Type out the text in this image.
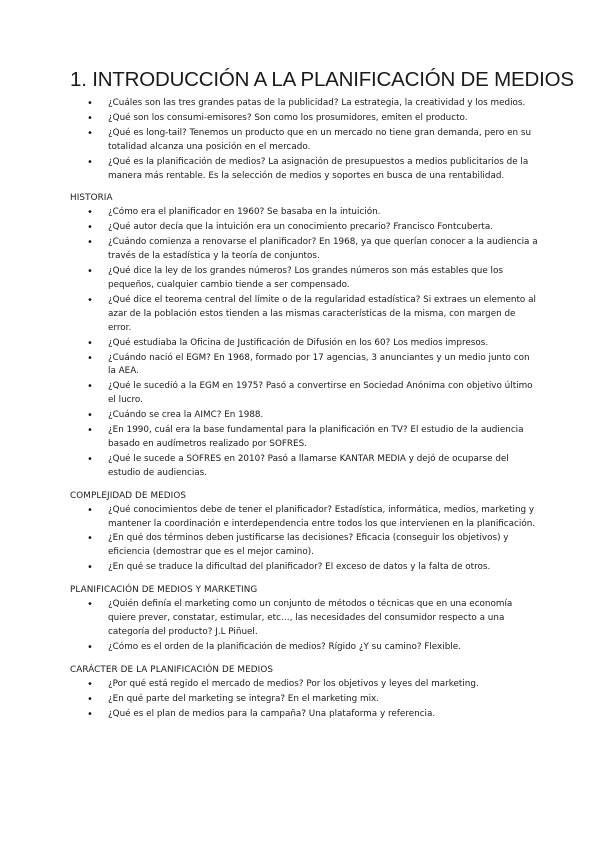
1. INTRODUCCIÓN A LA PLANIFICACIÓN DE MEDIOS
• ¿Cuáles son las tres grandes patas de la publicidad? La estrategia, la creatividad y los medios.
• ¿Qué son los consumi-emisores? Son como los prosumidores, emiten el producto.
• ¿Qué es long-tail? Tenemos un producto que en un mercado no tiene gran demanda, pero en su totalidad alcanza una posición en el mercado.
• ¿Qué es la planificación de medios? La asignación de presupuestos a medios publicitarios de la manera más rentable. Es la selección de medios y soportes en busca de una rentabilidad.
HISTORIA
• ¿Cómo era el planificador en 1960? Se basaba en la intuición.
• ¿Qué autor decía que la intuición era un conocimiento precario? Francisco Fontcuberta.
• ¿Cuándo comienza a renovarse el planificador? En 1968, ya que querían conocer a la audiencia a través de la estadística y la teoría de conjuntos.
• ¿Qué dice la ley de los grandes números? Los grandes números son más estables que los pequeños, cualquier cambio tiende a ser compensado.
• ¿Qué dice el teorema central del límite o de la regularidad estadística? Si extraes un elemento al azar de la población estos tienden a las mismas características de la misma, con margen de error.
• ¿Qué estudiaba la Oficina de Justificación de Difusión en los 60? Los medios impresos.
• ¿Cuándo nació el EGM? En 1968, formado por 17 agencias, 3 anunciantes y un medio junto con la AEA.
• ¿Qué le sucedió a la EGM en 1975? Pasó a convertirse en Sociedad Anónima con objetivo último el lucro.
• ¿Cuándo se crea la AIMC? En 1988.
• ¿En 1990, cuál era la base fundamental para la planificación en TV? El estudio de la audiencia basado en audímetros realizado por SOFRES.
• ¿Qué le sucede a SOFRES en 2010? Pasó a llamarse KANTAR MEDIA y dejó de ocuparse del estudio de audiencias.
COMPLEJIDAD DE MEDIOS
• ¿Qué conocimientos debe de tener el planificador? Estadística, informática, medios, marketing y mantener la coordinación e interdependencia entre todos los que intervienen en la planificación.
• ¿En qué dos términos deben justificarse las decisiones? Eficacia (conseguir los objetivos) y eficiencia (demostrar que es el mejor camino).
• ¿En qué se traduce la dificultad del planificador? El exceso de datos y la falta de otros.
PLANIFICACIÓN DE MEDIOS Y MARKETING
• ¿Quién definía el marketing como un conjunto de métodos o técnicas que en una economía quiere prever, constatar, estimular, etc…, las necesidades del consumidor respecto a una categoría del producto? J.L Piñuel.
• ¿Cómo es el orden de la planificación de medios? Rígido ¿Y su camino? Flexible.
CARÁCTER DE LA PLANIFICACIÓN DE MEDIOS
• ¿Por qué está regido el mercado de medios? Por los objetivos y leyes del marketing.
• ¿En qué parte del marketing se integra? En el marketing mix.
• ¿Qué es el plan de medios para la campaña? Una plataforma y referencia.
